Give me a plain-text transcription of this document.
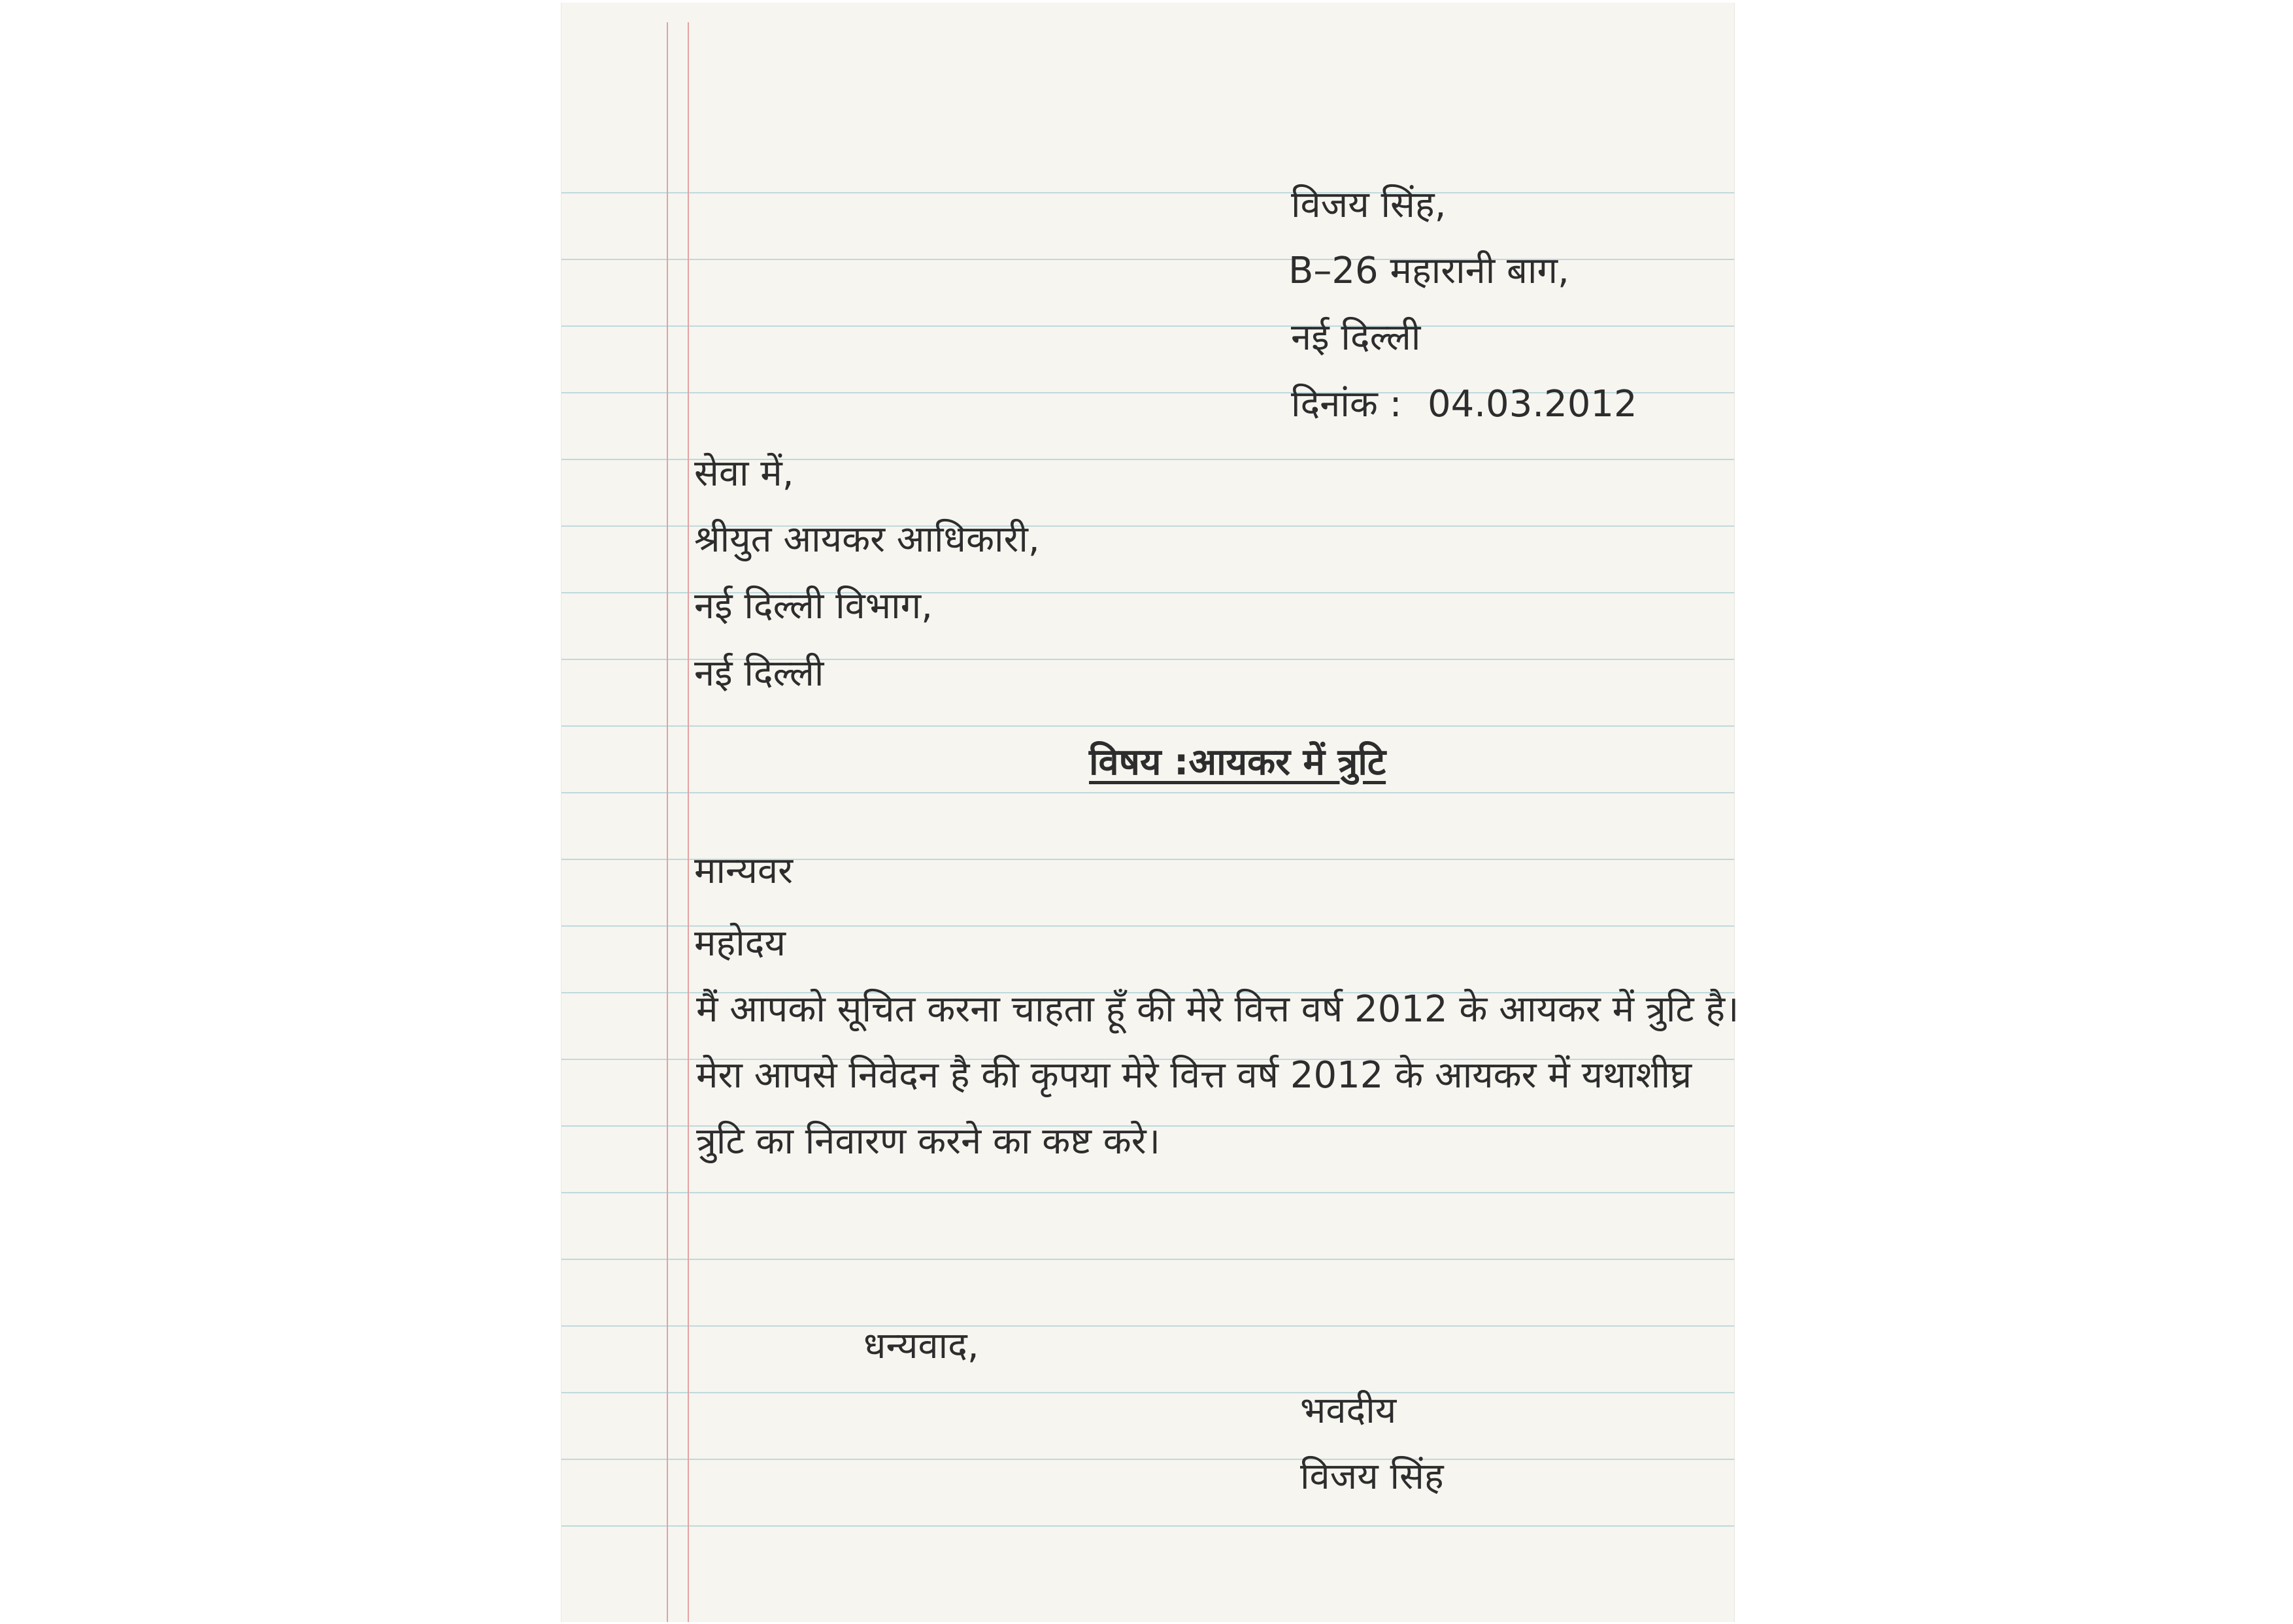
विजय सिंह,
B–26 महारानी बाग,
नई दिल्ली
दिनांक : 04.03.2012
सेवा में,
श्रीयुत आयकर आधिकारी,
नई दिल्ली विभाग,
नई दिल्ली
विषय :आयकर में त्रुटि
मान्यवर
महोदय
मैं आपको सूचित करना चाहता हूँ की मेरे वित्त वर्ष 2012 के आयकर में त्रुटि है।
मेरा आपसे निवेदन है की कृपया मेरे वित्त वर्ष 2012 के आयकर में यथाशीघ्र
त्रुटि का निवारण करने का कष्ट करे।
धन्यवाद,
भवदीय
विजय सिंह
